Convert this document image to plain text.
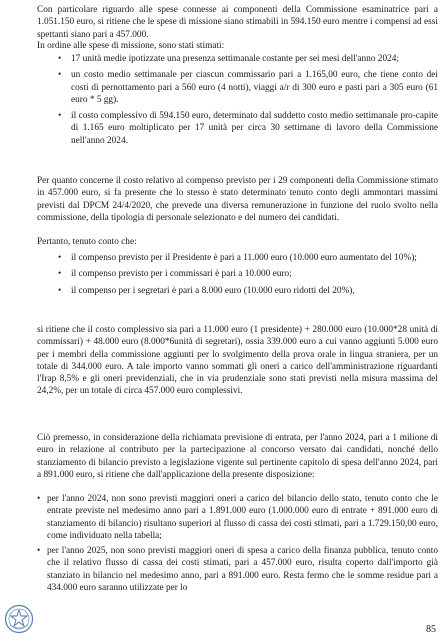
Con particolare riguardo alle spese connesse ai componenti della Commissione esaminatrice pari a 1.051.150 euro, si ritiene che le spese di missione siano stimabili in 594.150 euro mentre i compensi ad essi spettanti siano pari a 457.000.

In ordine alle spese di missione, sono stati stimati:

• 17 unità medie ipotizzate una presenza settimanale costante per sei mesi dell'anno 2024;
• un costo medio settimanale per ciascun commissario pari a 1.165,00 euro, che tiene conto dei costi di pernottamento pari a 560 euro (4 notti), viaggi a/r di 300 euro e pasti pari a 305 euro (61 euro * 5 gg).
• il costo complessivo di 594.150 euro, determinato dal suddetto costo medio settimanale pro-capite di 1.165 euro moltiplicato per 17 unità per circa 30 settimane di lavoro della Commissione nell'anno 2024.

Per quanto concerne il costo relativo al compenso previsto per i 29 componenti della Commissione stimato in 457.000 euro, si fa presente che lo stesso è stato determinato tenuto conto degli ammontari massimi previsti dal DPCM 24/4/2020, che prevede una diversa remunerazione in funzione del ruolo svolto nella commissione, della tipologia di personale selezionato e del numero dei candidati.

Pertanto, tenuto conto che:

• il compenso previsto per il Presidente è pari a 11.000 euro (10.000 euro aumentato del 10%);
• il compenso previsto per i commissari è pari a 10.000 euro;
• il compenso per i segretari è pari a 8.000 euro (10.000 euro ridotti del 20%),

si ritiene che il costo complessivo sia pari a 11.000 euro (1 presidente) + 280.000 euro (10.000*28 unità di commissari) + 48.000 euro (8.000*6unità di segretari), ossia 339.000 euro a cui vanno aggiunti 5.000 euro per i membri della commissione aggiunti per lo svolgimento della prova orale in lingua straniera, per un totale di 344.000 euro. A tale importo vanno sommati gli oneri a carico dell'amministrazione riguardanti l'Irap 8,5% e gli oneri previdenziali, che in via prudenziale sono stati previsti nella misura massima del 24,2%, per un totale di circa 457.000 euro complessivi.

Ciò premesso, in considerazione della richiamata previsione di entrata, per l'anno 2024, pari a 1 milione di euro in relazione al contributo per la partecipazione al concorso versato dai candidati, nonché dello stanziamento di bilancio previsto a legislazione vigente sul pertinente capitolo di spesa dell'anno 2024, pari a 891.000 euro, si ritiene che dall'applicazione della presente disposizione:

• per l'anno 2024, non sono previsti maggiori oneri a carico del bilancio dello stato, tenuto conto che le entrate previste nel medesimo anno pari a 1.891.000 euro (1.000.000 euro di entrate + 891.000 euro di stanziamento di bilancio) risultano superiori al flusso di cassa dei costi stimati, pari a 1.729.150,00 euro, come individuato nella tabella;
• per l'anno 2025, non sono previsti maggiori oneri di spesa a carico della finanza pubblica, tenuto conto che il relativo flusso di cassa dei costi stimati, pari a 457.000 euro, risulta coperto dall'importo già stanziato in bilancio nel medesimo anno, pari a 891.000 euro. Resta fermo che le somme residue pari a 434.000 euro saranno utilizzate per lo
85
